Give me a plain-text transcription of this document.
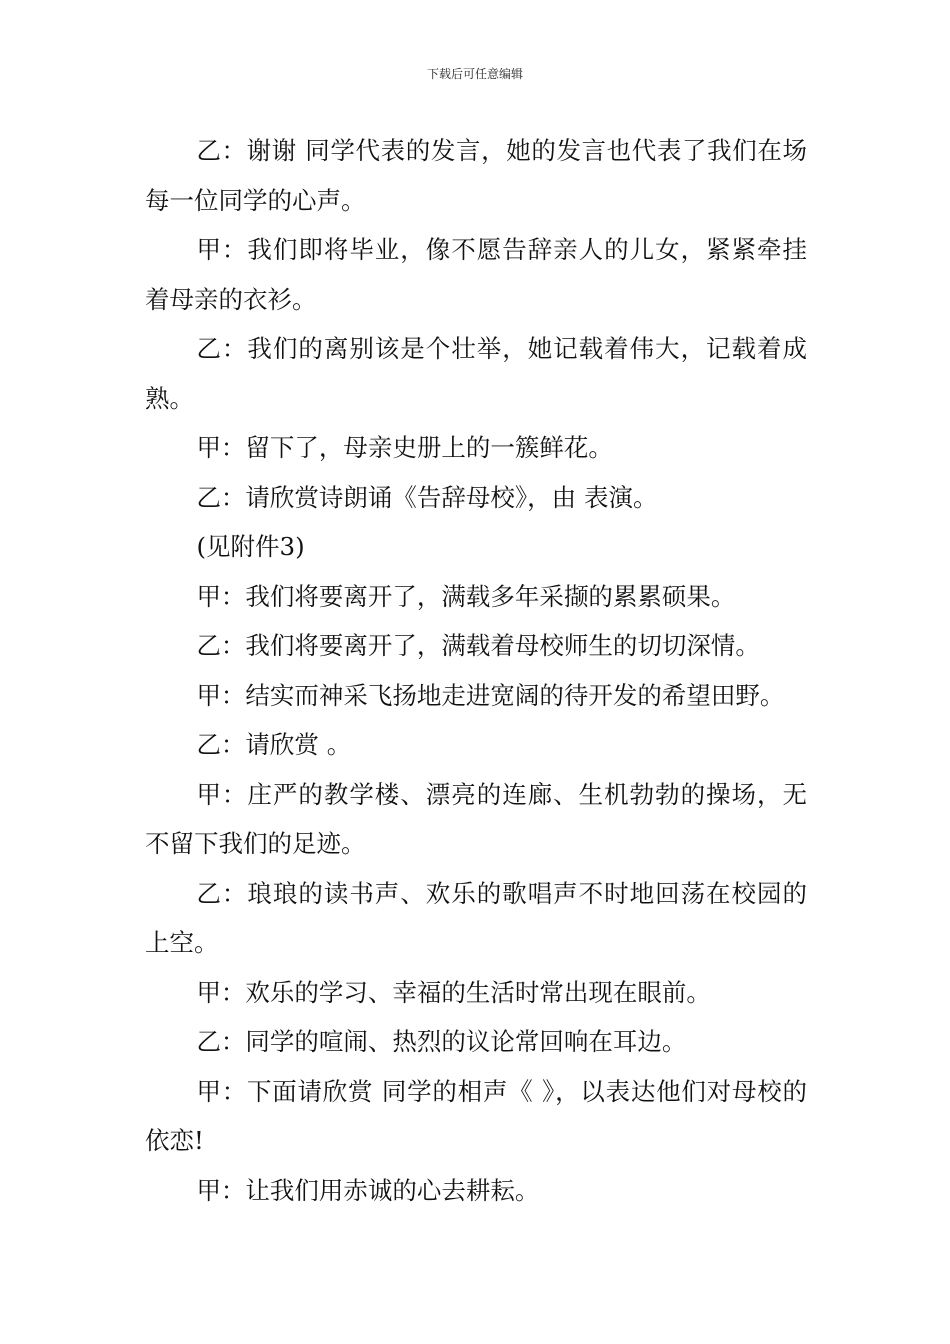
下载后可任意编辑

乙：谢谢 同学代表的发言，她的发言也代表了我们在场每一位同学的心声。

甲：我们即将毕业，像不愿告辞亲人的儿女，紧紧牵挂着母亲的衣衫。

乙：我们的离别该是个壮举，她记载着伟大，记载着成熟。

甲：留下了，母亲史册上的一簇鲜花。

乙：请欣赏诗朗诵《告辞母校》，由 表演。

(见附件3)

甲：我们将要离开了，满载多年采撷的累累硕果。

乙：我们将要离开了，满载着母校师生的切切深情。

甲：结实而神采飞扬地走进宽阔的待开发的希望田野。

乙：请欣赏 。

甲：庄严的教学楼、漂亮的连廊、生机勃勃的操场，无不留下我们的足迹。

乙：琅琅的读书声、欢乐的歌唱声不时地回荡在校园的上空。

甲：欢乐的学习、幸福的生活时常出现在眼前。

乙：同学的喧闹、热烈的议论常回响在耳边。

甲：下面请欣赏 同学的相声《 》，以表达他们对母校的依恋!

甲：让我们用赤诚的心去耕耘。
